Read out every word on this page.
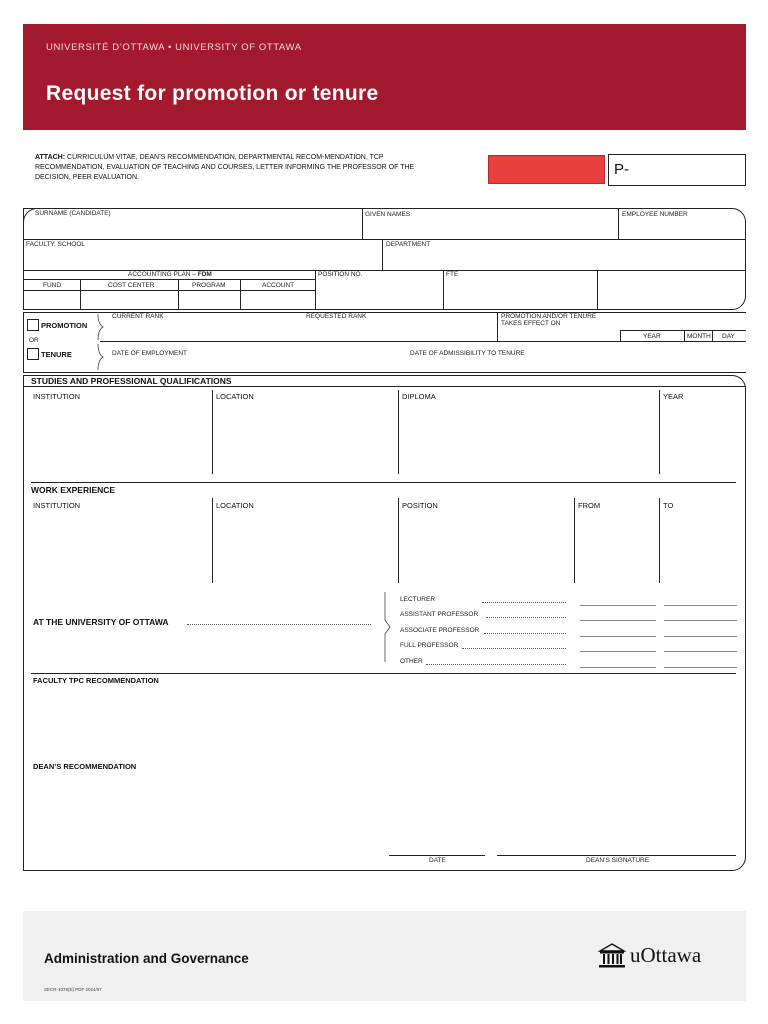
UNIVERSITÉ D’OTTAWA • UNIVERSITY OF OTTAWA
Request for promotion or tenure
ATTACH: CURRICULUM VITAE, DEAN’S RECOMMENDATION, DEPARTMENTAL RECOM-MENDATION, TCP
RECOMMENDATION, EVALUATION OF TEACHING AND COURSES, LETTER INFORMING THE PROFESSOR OF THE
DECISION, PEER EVALUATION.	P-
SURNAME (CANDIDATE)	GIVEN NAMES	EMPLOYEE NUMBER
FACULTY, SCHOOL	DEPARTMENT
ACCOUNTING PLAN – FDM
FUND	COST CENTER	PROGRAM	ACCOUNT
POSITION NO.	FTE
PROMOTION
OR
TENURE
CURRENT RANK	REQUESTED RANK	PROMOTION AND/OR TENURE
TAKES EFFECT ON
YEAR	MONTH DAY
DATE OF EMPLOYMENT	DATE OF ADMISSIBILITY TO TENURE
STUDIES AND PROFESSIONAL QUALIFICATIONS
INSTITUTION	LOCATION	DIPLOMA	YEAR
WORK EXPERIENCE
INSTITUTION	LOCATION	POSITION	FROM	TO
AT THE UNIVERSITY OF OTTAWA
LECTURER
ASSISTANT PROFESSOR
ASSOCIATE PROFESSOR
FULL PROFESSOR
OTHER
FACULTY TPC RECOMMENDATION
DEAN’S RECOMMENDATION
DATE	DEAN’S SIGNATURE
Administration and Governance
SECR-1078(E) PDF 2024/07
uOttawa
